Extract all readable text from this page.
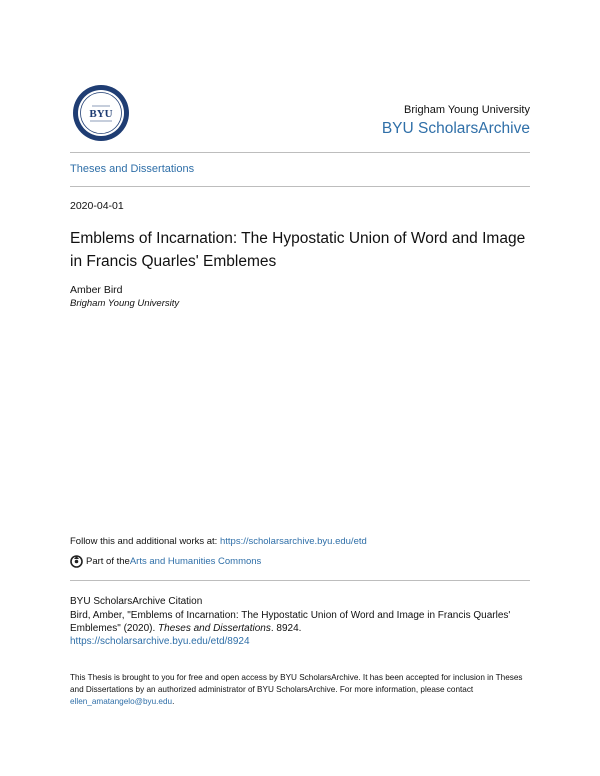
BYU	Brigham Young University
BYU ScholarsArchive
Theses and Dissertations
2020-04-01
Emblems of Incarnation: The Hypostatic Union of Word and Image in Francis Quarles' Emblemes
Amber Bird
Brigham Young University
Follow this and additional works at: https://scholarsarchive.byu.edu/etd
Part of the Arts and Humanities Commons
BYU ScholarsArchive Citation
Bird, Amber, "Emblems of Incarnation: The Hypostatic Union of Word and Image in Francis Quarles' Emblemes" (2020). Theses and Dissertations. 8924.
https://scholarsarchive.byu.edu/etd/8924
This Thesis is brought to you for free and open access by BYU ScholarsArchive. It has been accepted for inclusion in Theses and Dissertations by an authorized administrator of BYU ScholarsArchive. For more information, please contact ellen_amatangelo@byu.edu.
